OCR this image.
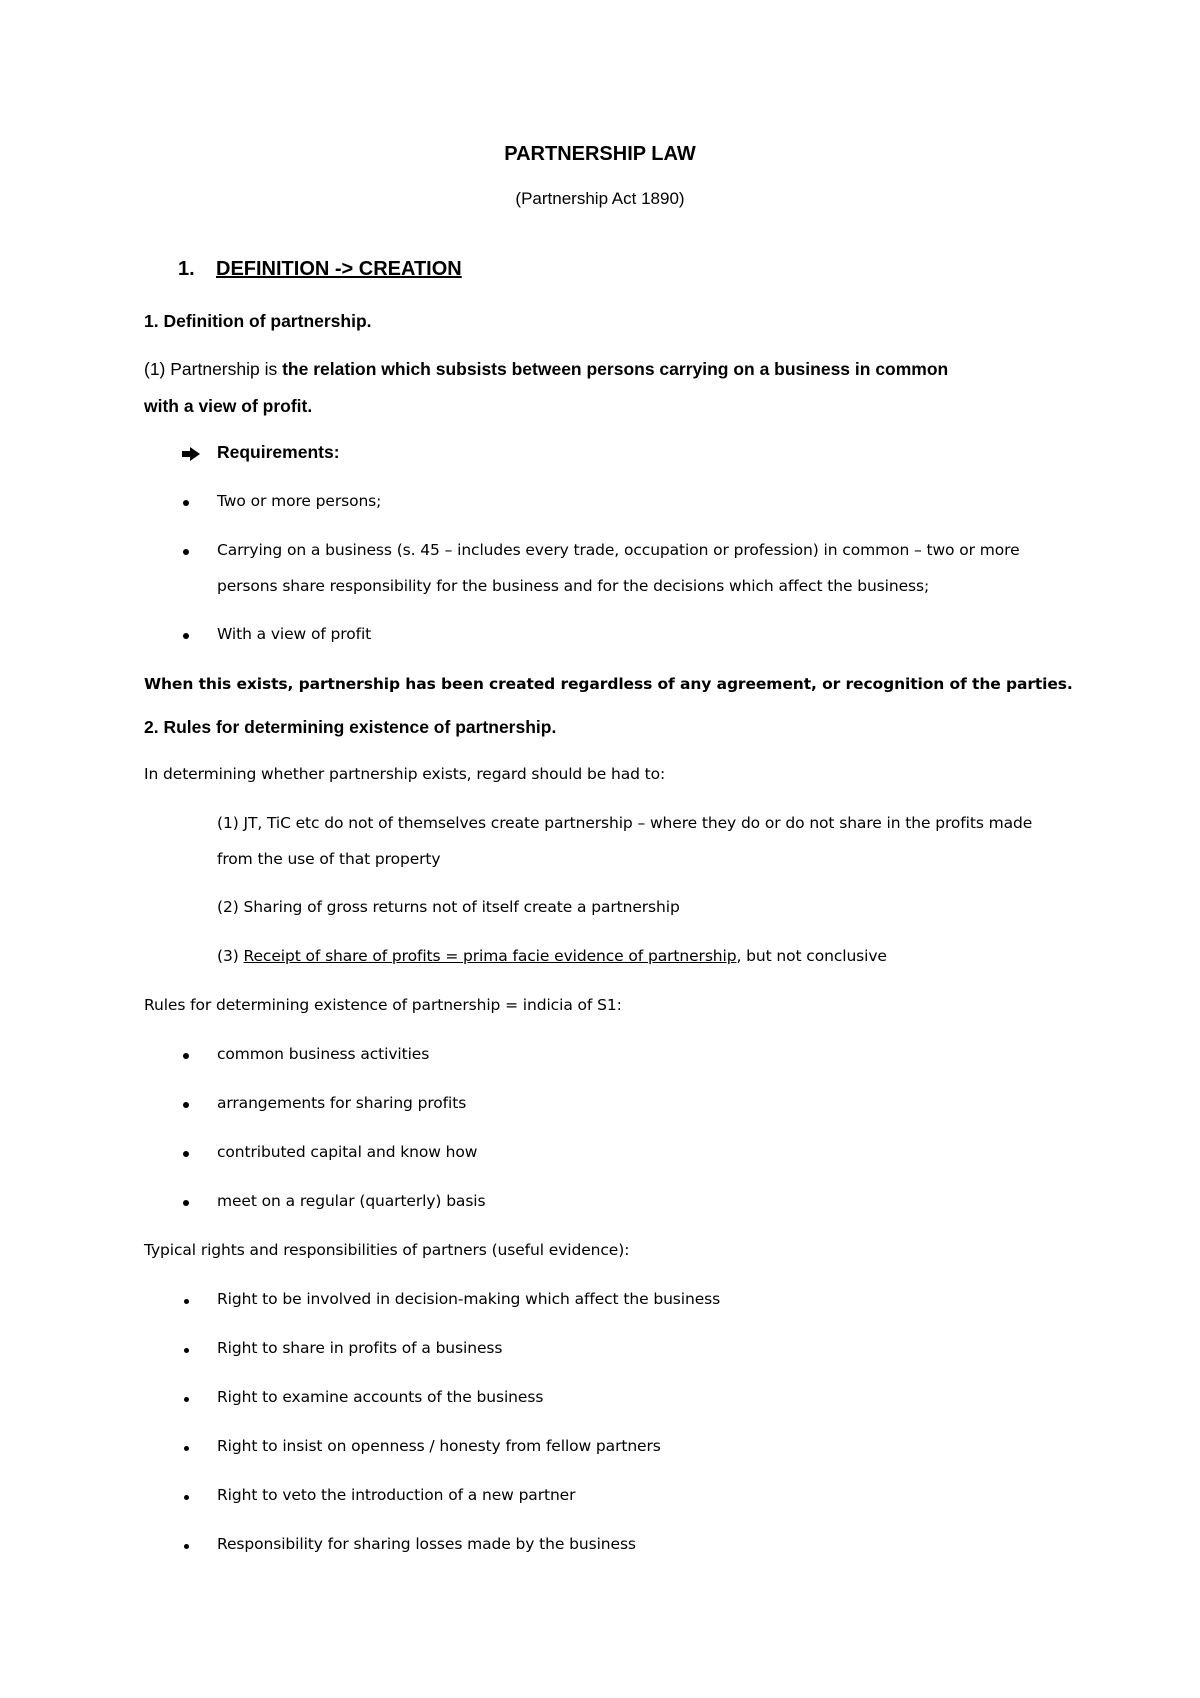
PARTNERSHIP LAW
(Partnership Act 1890)
1. DEFINITION -> CREATION
1. Definition of partnership.
(1) Partnership is the relation which subsists between persons carrying on a business in common
with a view of profit.
Requirements:
Two or more persons;
Carrying on a business (s. 45 – includes every trade, occupation or profession) in common – two or more
persons share responsibility for the business and for the decisions which affect the business;
With a view of profit
When this exists, partnership has been created regardless of any agreement, or recognition of the parties.
2. Rules for determining existence of partnership.
In determining whether partnership exists, regard should be had to:
(1) JT, TiC etc do not of themselves create partnership – where they do or do not share in the profits made
from the use of that property
(2) Sharing of gross returns not of itself create a partnership
(3) Receipt of share of profits = prima facie evidence of partnership, but not conclusive
Rules for determining existence of partnership = indicia of S1:
common business activities
arrangements for sharing profits
contributed capital and know how
meet on a regular (quarterly) basis
Typical rights and responsibilities of partners (useful evidence):
Right to be involved in decision-making which affect the business
Right to share in profits of a business
Right to examine accounts of the business
Right to insist on openness / honesty from fellow partners
Right to veto the introduction of a new partner
Responsibility for sharing losses made by the business
